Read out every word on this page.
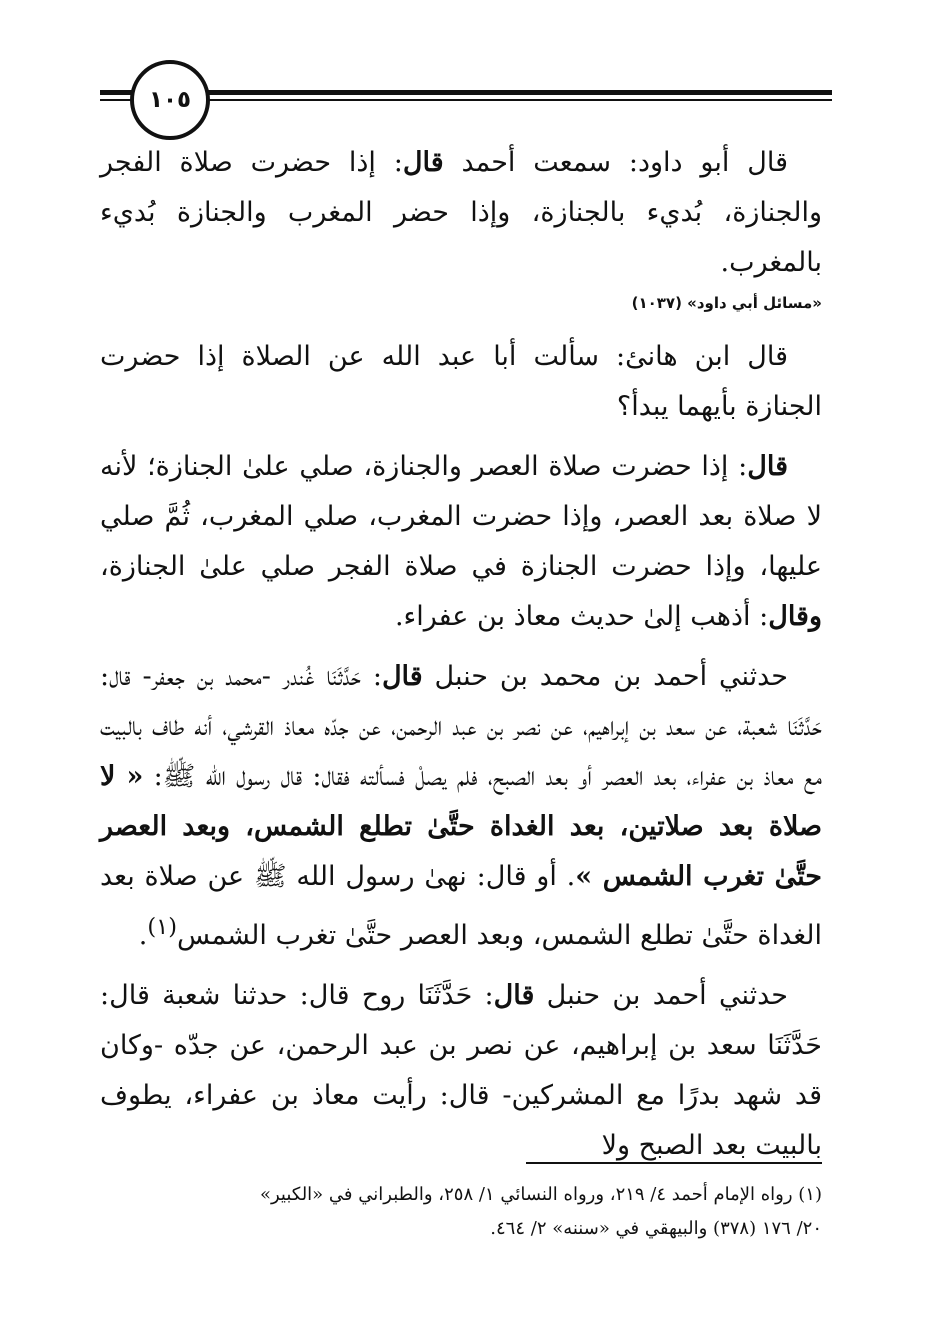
١٠٥

قال أبو داود: سمعت أحمد قال: إذا حضرت صلاة الفجر والجنازة، بُديء بالجنازة، وإذا حضر المغرب والجنازة بُديء بالمغرب.

«مسائل أبي داود» (١٠٣٧)

قال ابن هانئ: سألت أبا عبد الله عن الصلاة إذا حضرت الجنازة بأيهما يبدأ؟

قال: إذا حضرت صلاة العصر والجنازة، صلي علىٰ الجنازة؛ لأنه لا صلاة بعد العصر، وإذا حضرت المغرب، صلي المغرب، ثُمَّ صلي عليها، وإذا حضرت الجنازة في صلاة الفجر صلي علىٰ الجنازة، وقال: أذهب إلىٰ حديث معاذ بن عفراء.

حدثني أحمد بن محمد بن حنبل قال: حَدَّثَنَا غُندر -محمد بن جعفر- قال: حَدَّثَنَا شعبة، عن سعد بن إبراهيم، عن نصر بن عبد الرحمن، عن جدّه معاذ القرشي، أنه طاف بالبيت مع معاذ بن عفراء، بعد العصر أو بعد الصبح، فلم يصلْ فسألته فقال: قال رسول الله ﷺ: « لا صلاة بعد صلاتين، بعد الغداة حتَّىٰ تطلع الشمس، وبعد العصر حتَّىٰ تغرب الشمس ». أو قال: نهىٰ رسول الله ﷺ عن صلاة بعد الغداة حتَّىٰ تطلع الشمس، وبعد العصر حتَّىٰ تغرب الشمس$^{(١)}$.

حدثني أحمد بن حنبل قال: حَدَّثَنَا روح قال: حدثنا شعبة قال: حَدَّثَنَا سعد بن إبراهيم، عن نصر بن عبد الرحمن، عن جدّه -وكان قد شهد بدرًا مع المشركين- قال: رأيت معاذ بن عفراء، يطوف بالبيت بعد الصبح ولا

(١) رواه الإمام أحمد ٤/ ٢١٩، ورواه النسائي ١/ ٢٥٨، والطبراني في «الكبير»

٢٠/ ١٧٦ (٣٧٨) والبيهقي في «سننه» ٢/ ٤٦٤.
